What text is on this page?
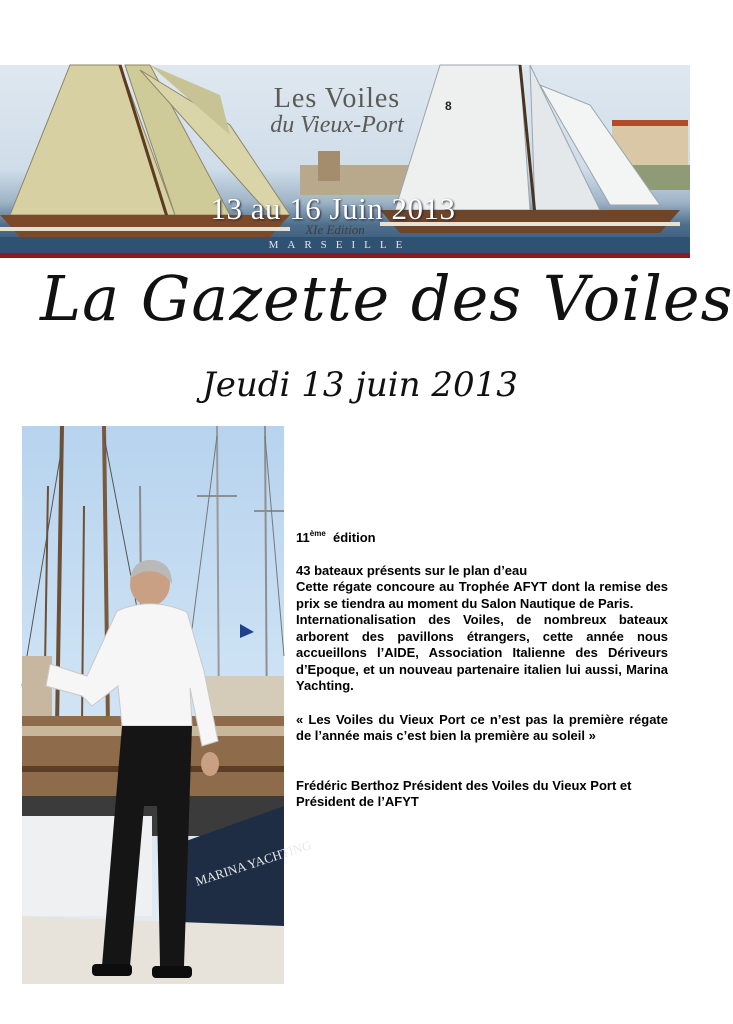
8
Les Voiles
du Vieux-Port
13 au 16 Juin 2013
XIe Edition
MARSEILLE
La Gazette des Voiles
Jeudi 13 juin 2013
MARINA YACHTING

11ème édition

43 bateaux présents sur le plan d’eau

Cette régate concoure au Trophée AFYT dont la remise des prix se tiendra au moment du Salon Nautique de Paris.

Internationalisation des Voiles, de nombreux bateaux arborent des pavillons étrangers, cette année nous accueillons l’AIDE, Association Italienne des Dériveurs d’Epoque, et un nouveau partenaire italien lui aussi, Marina Yachting.

« Les Voiles du Vieux Port ce n’est pas la première régate de l’année mais c’est bien la première au soleil »

Frédéric Berthoz Président des Voiles du Vieux Port et Président de l’AFYT
